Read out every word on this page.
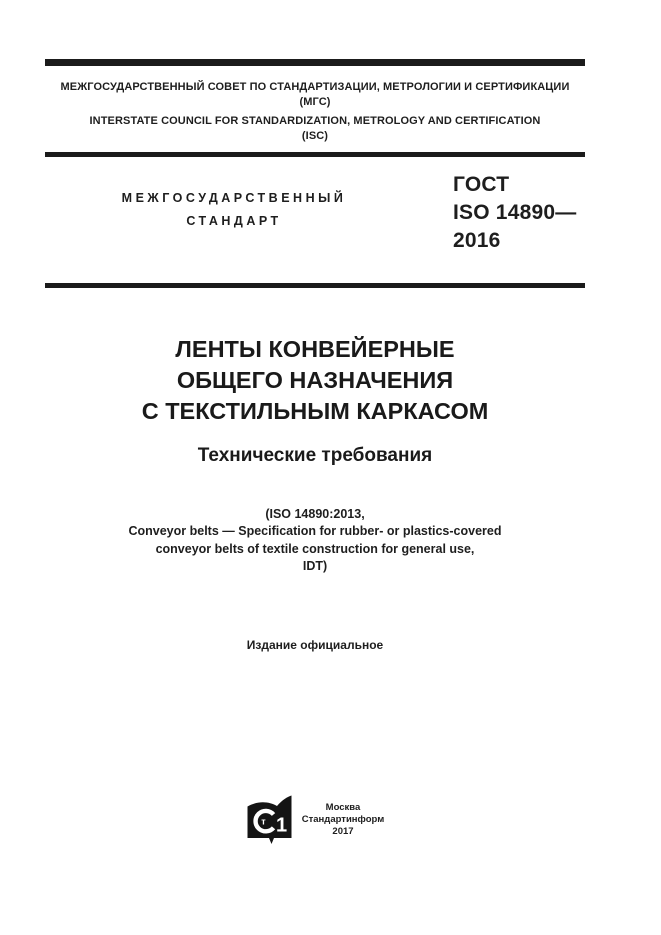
МЕЖГОСУДАРСТВЕННЫЙ СОВЕТ ПО СТАНДАРТИЗАЦИИ, МЕТРОЛОГИИ И СЕРТИФИКАЦИИ
(МГС)
INTERSTATE COUNCIL FOR STANDARDIZATION, METROLOGY AND CERTIFICATION
(ISC)
МЕЖГОСУДАРСТВЕННЫЙ
СТАНДАРТ
ГОСТ
ISO 14890—
2016
ЛЕНТЫ КОНВЕЙЕРНЫЕ
ОБЩЕГО НАЗНАЧЕНИЯ
С ТЕКСТИЛЬНЫМ КАРКАСОМ
Технические требования
(ISO 14890:2013,
Conveyor belts — Specification for rubber- or plastics-covered
conveyor belts of textile construction for general use,
IDT)
Издание официальное
т 1
Москва
Стандартинформ
2017
